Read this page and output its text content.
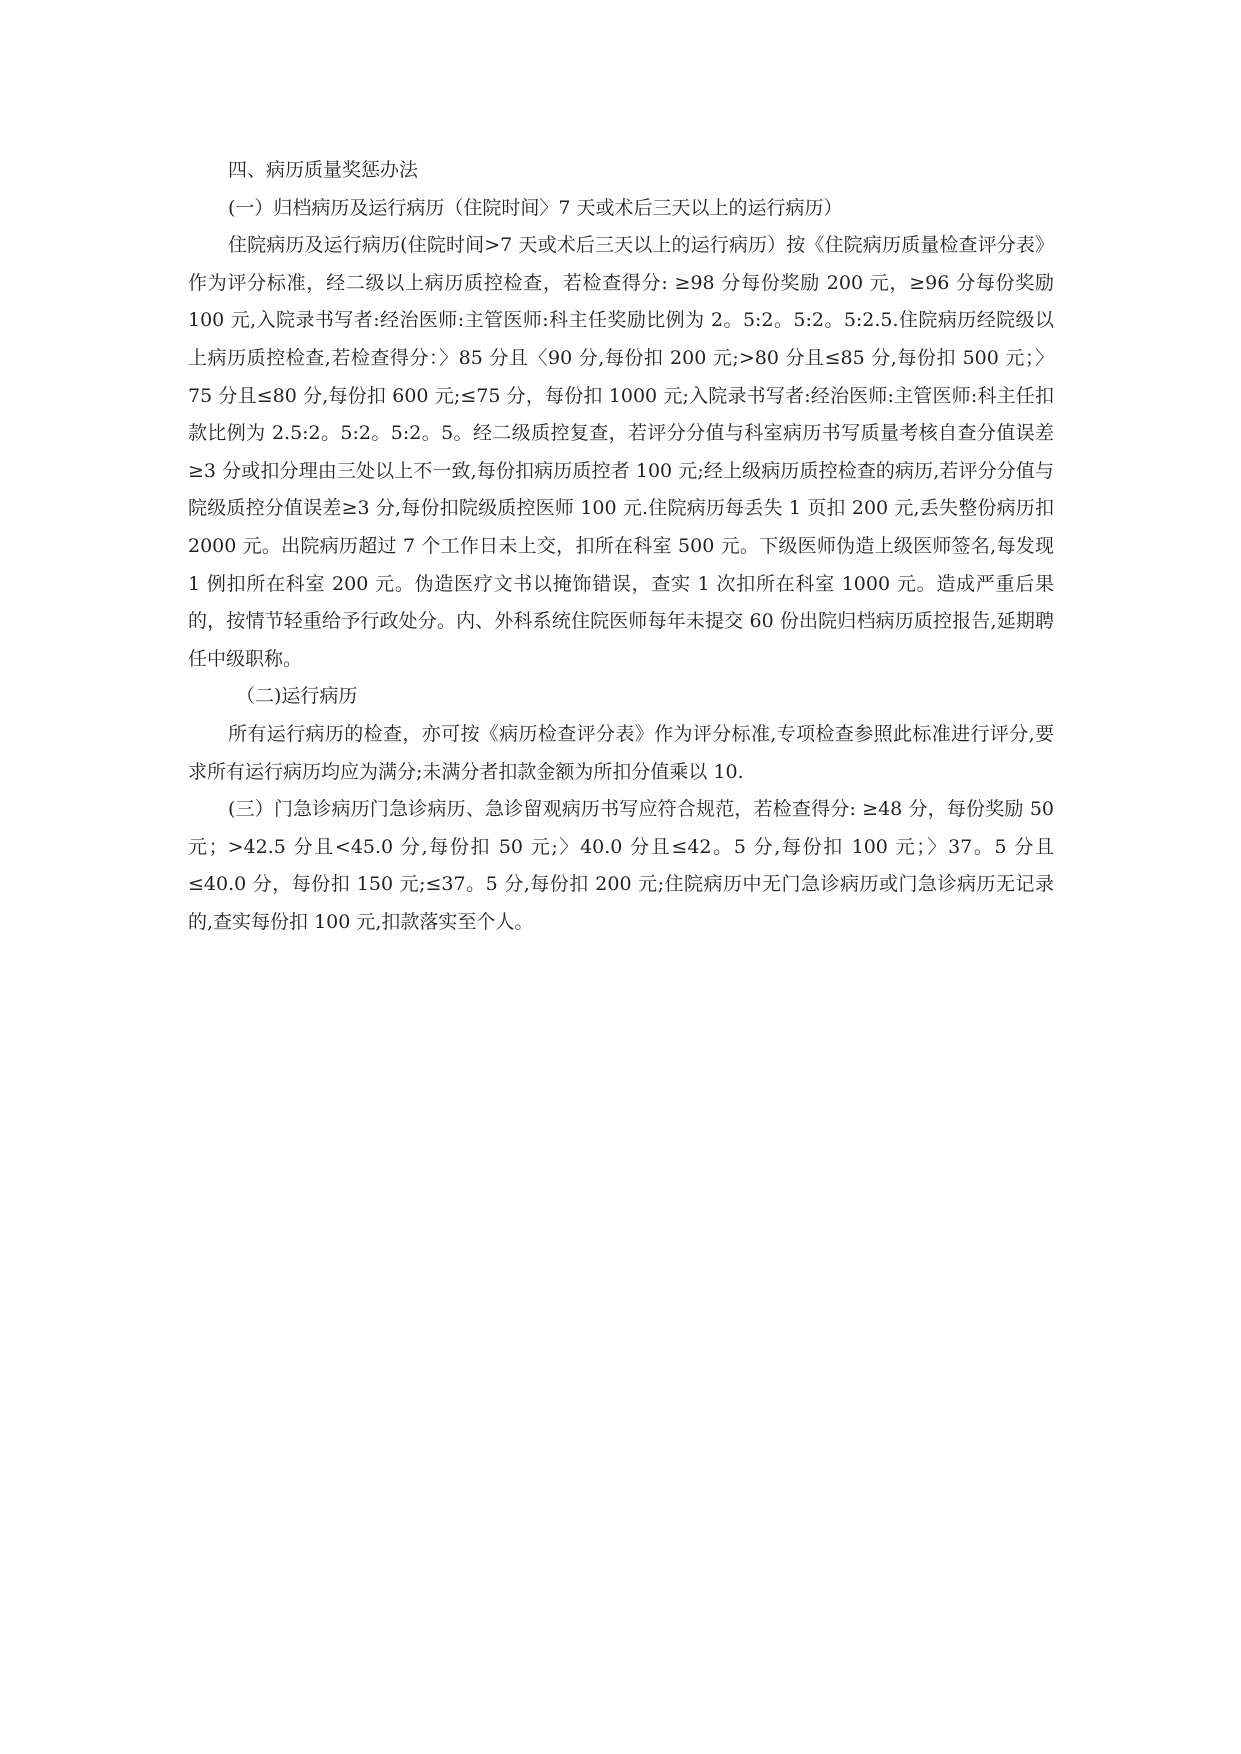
四、病历质量奖惩办法

(一）归档病历及运行病历（住院时间〉7 天或术后三天以上的运行病历）

住院病历及运行病历(住院时间>7 天或术后三天以上的运行病历）按《住院病历质量检查评分表》作为评分标准，经二级以上病历质控检查，若检查得分: ≥98 分每份奖励 200 元，≥96 分每份奖励 100 元,入院录书写者:经治医师:主管医师:科主任奖励比例为 2。5:2。5:2。5:2.5.住院病历经院级以上病历质控检查,若检查得分：〉85 分且〈90 分,每份扣 200 元;>80 分且≤85 分,每份扣 500 元；〉75 分且≤80 分,每份扣 600 元;≤75 分，每份扣 1000 元;入院录书写者:经治医师:主管医师:科主任扣款比例为 2.5:2。5:2。5:2。5。经二级质控复查，若评分分值与科室病历书写质量考核自查分值误差≥3 分或扣分理由三处以上不一致,每份扣病历质控者 100 元;经上级病历质控检查的病历,若评分分值与院级质控分值误差≥3 分,每份扣院级质控医师 100 元.住院病历每丢失 1 页扣 200 元,丢失整份病历扣 2000 元。出院病历超过 7 个工作日未上交，扣所在科室 500 元。下级医师伪造上级医师签名,每发现 1 例扣所在科室 200 元。伪造医疗文书以掩饰错误，查实 1 次扣所在科室 1000 元。造成严重后果的，按情节轻重给予行政处分。内、外科系统住院医师每年未提交 60 份出院归档病历质控报告,延期聘任中级职称。

（二)运行病历

所有运行病历的检查，亦可按《病历检查评分表》作为评分标准,专项检查参照此标准进行评分,要求所有运行病历均应为满分;未满分者扣款金额为所扣分值乘以 10.

(三）门急诊病历门急诊病历、急诊留观病历书写应符合规范，若检查得分: ≥48 分，每份奖励 50 元；>42.5 分且<45.0 分,每份扣 50 元;〉40.0 分且≤42。5 分,每份扣 100 元；〉37。5 分且≤40.0 分，每份扣 150 元;≤37。5 分,每份扣 200 元;住院病历中无门急诊病历或门急诊病历无记录的,查实每份扣 100 元,扣款落实至个人。
